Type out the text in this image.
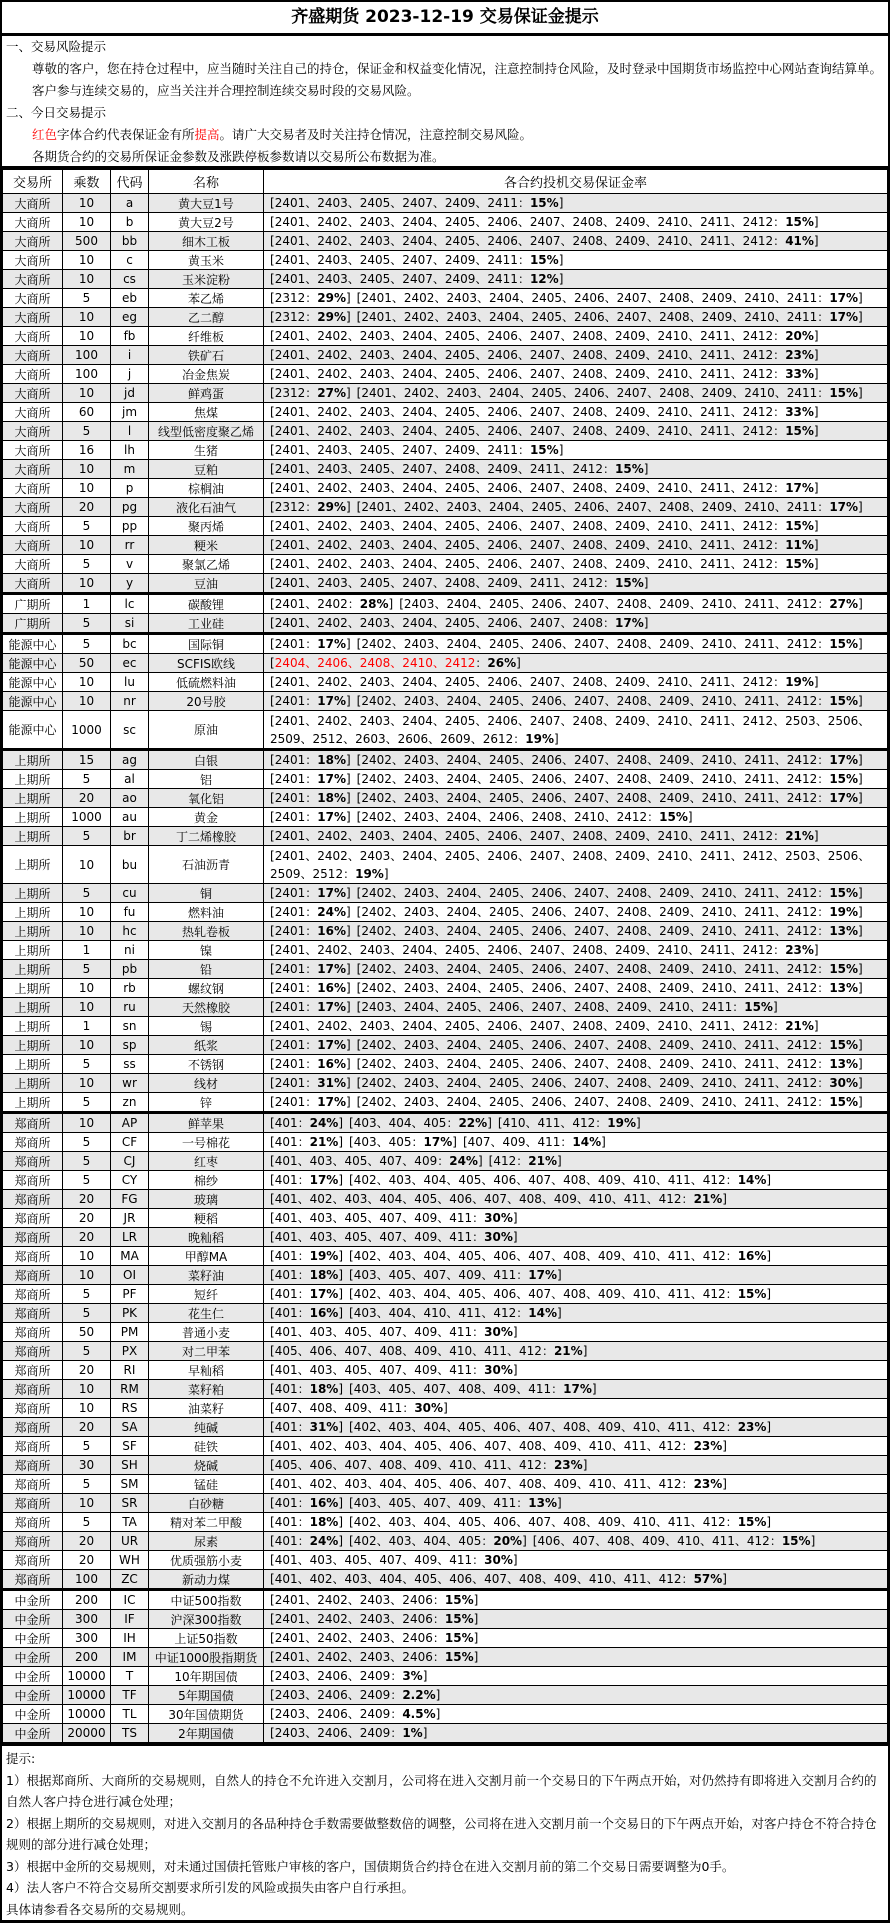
齐盛期货 2023-12-19 交易保证金提示
一、交易风险提示
尊敬的客户，您在持仓过程中，应当随时关注自己的持仓，保证金和权益变化情况，注意控制持仓风险，及时登录中国期货市场监控中心网站查询结算单。客户参与连续交易的，应当关注并合理控制连续交易时段的交易风险。
二、今日交易提示
红色字体合约代表保证金有所提高。请广大交易者及时关注持仓情况，注意控制交易风险。
各期货合约的交易所保证金参数及涨跌停板参数请以交易所公布数据为准。
交易所	乘数	代码	名称	各合约投机交易保证金率
大商所	10	a	黄大豆1号	[2401、2403、2405、2407、2409、2411：15%]
大商所	10	b	黄大豆2号	[2401、2402、2403、2404、2405、2406、2407、2408、2409、2410、2411、2412：15%]
大商所	500	bb	细木工板	[2401、2402、2403、2404、2405、2406、2407、2408、2409、2410、2411、2412：41%]
大商所	10	c	黄玉米	[2401、2403、2405、2407、2409、2411：15%]
大商所	10	cs	玉米淀粉	[2401、2403、2405、2407、2409、2411：12%]
大商所	5	eb	苯乙烯	[2312：29%] [2401、2402、2403、2404、2405、2406、2407、2408、2409、2410、2411：17%]
大商所	10	eg	乙二醇	[2312：29%] [2401、2402、2403、2404、2405、2406、2407、2408、2409、2410、2411：17%]
大商所	10	fb	纤维板	[2401、2402、2403、2404、2405、2406、2407、2408、2409、2410、2411、2412：20%]
大商所	100	i	铁矿石	[2401、2402、2403、2404、2405、2406、2407、2408、2409、2410、2411、2412：23%]
大商所	100	j	冶金焦炭	[2401、2402、2403、2404、2405、2406、2407、2408、2409、2410、2411、2412：33%]
大商所	10	jd	鲜鸡蛋	[2312：27%] [2401、2402、2403、2404、2405、2406、2407、2408、2409、2410、2411：15%]
大商所	60	jm	焦煤	[2401、2402、2403、2404、2405、2406、2407、2408、2409、2410、2411、2412：33%]
大商所	5	l	线型低密度聚乙烯	[2401、2402、2403、2404、2405、2406、2407、2408、2409、2410、2411、2412：15%]
大商所	16	lh	生猪	[2401、2403、2405、2407、2409、2411：15%]
大商所	10	m	豆粕	[2401、2403、2405、2407、2408、2409、2411、2412：15%]
大商所	10	p	棕榈油	[2401、2402、2403、2404、2405、2406、2407、2408、2409、2410、2411、2412：17%]
大商所	20	pg	液化石油气	[2312：29%] [2401、2402、2403、2404、2405、2406、2407、2408、2409、2410、2411：17%]
大商所	5	pp	聚丙烯	[2401、2402、2403、2404、2405、2406、2407、2408、2409、2410、2411、2412：15%]
大商所	10	rr	粳米	[2401、2402、2403、2404、2405、2406、2407、2408、2409、2410、2411、2412：11%]
大商所	5	v	聚氯乙烯	[2401、2402、2403、2404、2405、2406、2407、2408、2409、2410、2411、2412：15%]
大商所	10	y	豆油	[2401、2403、2405、2407、2408、2409、2411、2412：15%]
广期所	1	lc	碳酸锂	[2401、2402：28%] [2403、2404、2405、2406、2407、2408、2409、2410、2411、2412：27%]
广期所	5	si	工业硅	[2401、2402、2403、2404、2405、2406、2407、2408：17%]
能源中心	5	bc	国际铜	[2401：17%] [2402、2403、2404、2405、2406、2407、2408、2409、2410、2411、2412：15%]
能源中心	50	ec	SCFIS欧线	[2404、2406、2408、2410、2412：26%]
能源中心	10	lu	低硫燃料油	[2401、2402、2403、2404、2405、2406、2407、2408、2409、2410、2411、2412：19%]
能源中心	10	nr	20号胶	[2401：17%] [2402、2403、2404、2405、2406、2407、2408、2409、2410、2411、2412：15%]
能源中心	1000	sc	原油	[2401、2402、2403、2404、2405、2406、2407、2408、2409、2410、2411、2412、2503、2506、2509、2512、2603、2606、2609、2612：19%]
上期所	15	ag	白银	[2401：18%] [2402、2403、2404、2405、2406、2407、2408、2409、2410、2411、2412：17%]
上期所	5	al	铝	[2401：17%] [2402、2403、2404、2405、2406、2407、2408、2409、2410、2411、2412：15%]
上期所	20	ao	氧化铝	[2401：18%] [2402、2403、2404、2405、2406、2407、2408、2409、2410、2411、2412：17%]
上期所	1000	au	黄金	[2401：17%] [2402、2403、2404、2406、2408、2410、2412：15%]
上期所	5	br	丁二烯橡胶	[2401、2402、2403、2404、2405、2406、2407、2408、2409、2410、2411、2412：21%]
上期所	10	bu	石油沥青	[2401、2402、2403、2404、2405、2406、2407、2408、2409、2410、2411、2412、2503、2506、2509、2512：19%]
上期所	5	cu	铜	[2401：17%] [2402、2403、2404、2405、2406、2407、2408、2409、2410、2411、2412：15%]
上期所	10	fu	燃料油	[2401：24%] [2402、2403、2404、2405、2406、2407、2408、2409、2410、2411、2412：19%]
上期所	10	hc	热轧卷板	[2401：16%] [2402、2403、2404、2405、2406、2407、2408、2409、2410、2411、2412：13%]
上期所	1	ni	镍	[2401、2402、2403、2404、2405、2406、2407、2408、2409、2410、2411、2412：23%]
上期所	5	pb	铅	[2401：17%] [2402、2403、2404、2405、2406、2407、2408、2409、2410、2411、2412：15%]
上期所	10	rb	螺纹钢	[2401：16%] [2402、2403、2404、2405、2406、2407、2408、2409、2410、2411、2412：13%]
上期所	10	ru	天然橡胶	[2401：17%] [2403、2404、2405、2406、2407、2408、2409、2410、2411：15%]
上期所	1	sn	锡	[2401、2402、2403、2404、2405、2406、2407、2408、2409、2410、2411、2412：21%]
上期所	10	sp	纸浆	[2401：17%] [2402、2403、2404、2405、2406、2407、2408、2409、2410、2411、2412：15%]
上期所	5	ss	不锈钢	[2401：16%] [2402、2403、2404、2405、2406、2407、2408、2409、2410、2411、2412：13%]
上期所	10	wr	线材	[2401：31%] [2402、2403、2404、2405、2406、2407、2408、2409、2410、2411、2412：30%]
上期所	5	zn	锌	[2401：17%] [2402、2403、2404、2405、2406、2407、2408、2409、2410、2411、2412：15%]
郑商所	10	AP	鲜苹果	[401：24%] [403、404、405：22%] [410、411、412：19%]
郑商所	5	CF	一号棉花	[401：21%] [403、405：17%] [407、409、411：14%]
郑商所	5	CJ	红枣	[401、403、405、407、409：24%] [412：21%]
郑商所	5	CY	棉纱	[401：17%] [402、403、404、405、406、407、408、409、410、411、412：14%]
郑商所	20	FG	玻璃	[401、402、403、404、405、406、407、408、409、410、411、412：21%]
郑商所	20	JR	粳稻	[401、403、405、407、409、411：30%]
郑商所	20	LR	晚籼稻	[401、403、405、407、409、411：30%]
郑商所	10	MA	甲醇MA	[401：19%] [402、403、404、405、406、407、408、409、410、411、412：16%]
郑商所	10	OI	菜籽油	[401：18%] [403、405、407、409、411：17%]
郑商所	5	PF	短纤	[401：17%] [402、403、404、405、406、407、408、409、410、411、412：15%]
郑商所	5	PK	花生仁	[401：16%] [403、404、410、411、412：14%]
郑商所	50	PM	普通小麦	[401、403、405、407、409、411：30%]
郑商所	5	PX	对二甲苯	[405、406、407、408、409、410、411、412：21%]
郑商所	20	RI	早籼稻	[401、403、405、407、409、411：30%]
郑商所	10	RM	菜籽粕	[401：18%] [403、405、407、408、409、411：17%]
郑商所	10	RS	油菜籽	[407、408、409、411：30%]
郑商所	20	SA	纯碱	[401：31%] [402、403、404、405、406、407、408、409、410、411、412：23%]
郑商所	5	SF	硅铁	[401、402、403、404、405、406、407、408、409、410、411、412：23%]
郑商所	30	SH	烧碱	[405、406、407、408、409、410、411、412：23%]
郑商所	5	SM	锰硅	[401、402、403、404、405、406、407、408、409、410、411、412：23%]
郑商所	10	SR	白砂糖	[401：16%] [403、405、407、409、411：13%]
郑商所	5	TA	精对苯二甲酸	[401：18%] [402、403、404、405、406、407、408、409、410、411、412：15%]
郑商所	20	UR	尿素	[401：24%] [402、403、404、405：20%] [406、407、408、409、410、411、412：15%]
郑商所	20	WH	优质强筋小麦	[401、403、405、407、409、411：30%]
郑商所	100	ZC	新动力煤	[401、402、403、404、405、406、407、408、409、410、411、412：57%]
中金所	200	IC	中证500指数	[2401、2402、2403、2406：15%]
中金所	300	IF	沪深300指数	[2401、2402、2403、2406：15%]
中金所	300	IH	上证50指数	[2401、2402、2403、2406：15%]
中金所	200	IM	中证1000股指期货	[2401、2402、2403、2406：15%]
中金所	10000	T	10年期国债	[2403、2406、2409：3%]
中金所	10000	TF	5年期国债	[2403、2406、2409：2.2%]
中金所	10000	TL	30年国债期货	[2403、2406、2409：4.5%]
中金所	20000	TS	2年期国债	[2403、2406、2409：1%]
提示:
1）根据郑商所、大商所的交易规则，自然人的持仓不允许进入交割月，公司将在进入交割月前一个交易日的下午两点开始，对仍然持有即将进入交割月合约的自然人客户持仓进行减仓处理；
2）根据上期所的交易规则，对进入交割月的各品种持仓手数需要做整数倍的调整，公司将在进入交割月前一个交易日的下午两点开始，对客户持仓不符合持仓规则的部分进行减仓处理；
3）根据中金所的交易规则，对未通过国债托管账户审核的客户，国债期货合约持仓在进入交割月前的第二个交易日需要调整为0手。
4）法人客户不符合交易所交割要求所引发的风险或损失由客户自行承担。
具体请参看各交易所的交易规则。
